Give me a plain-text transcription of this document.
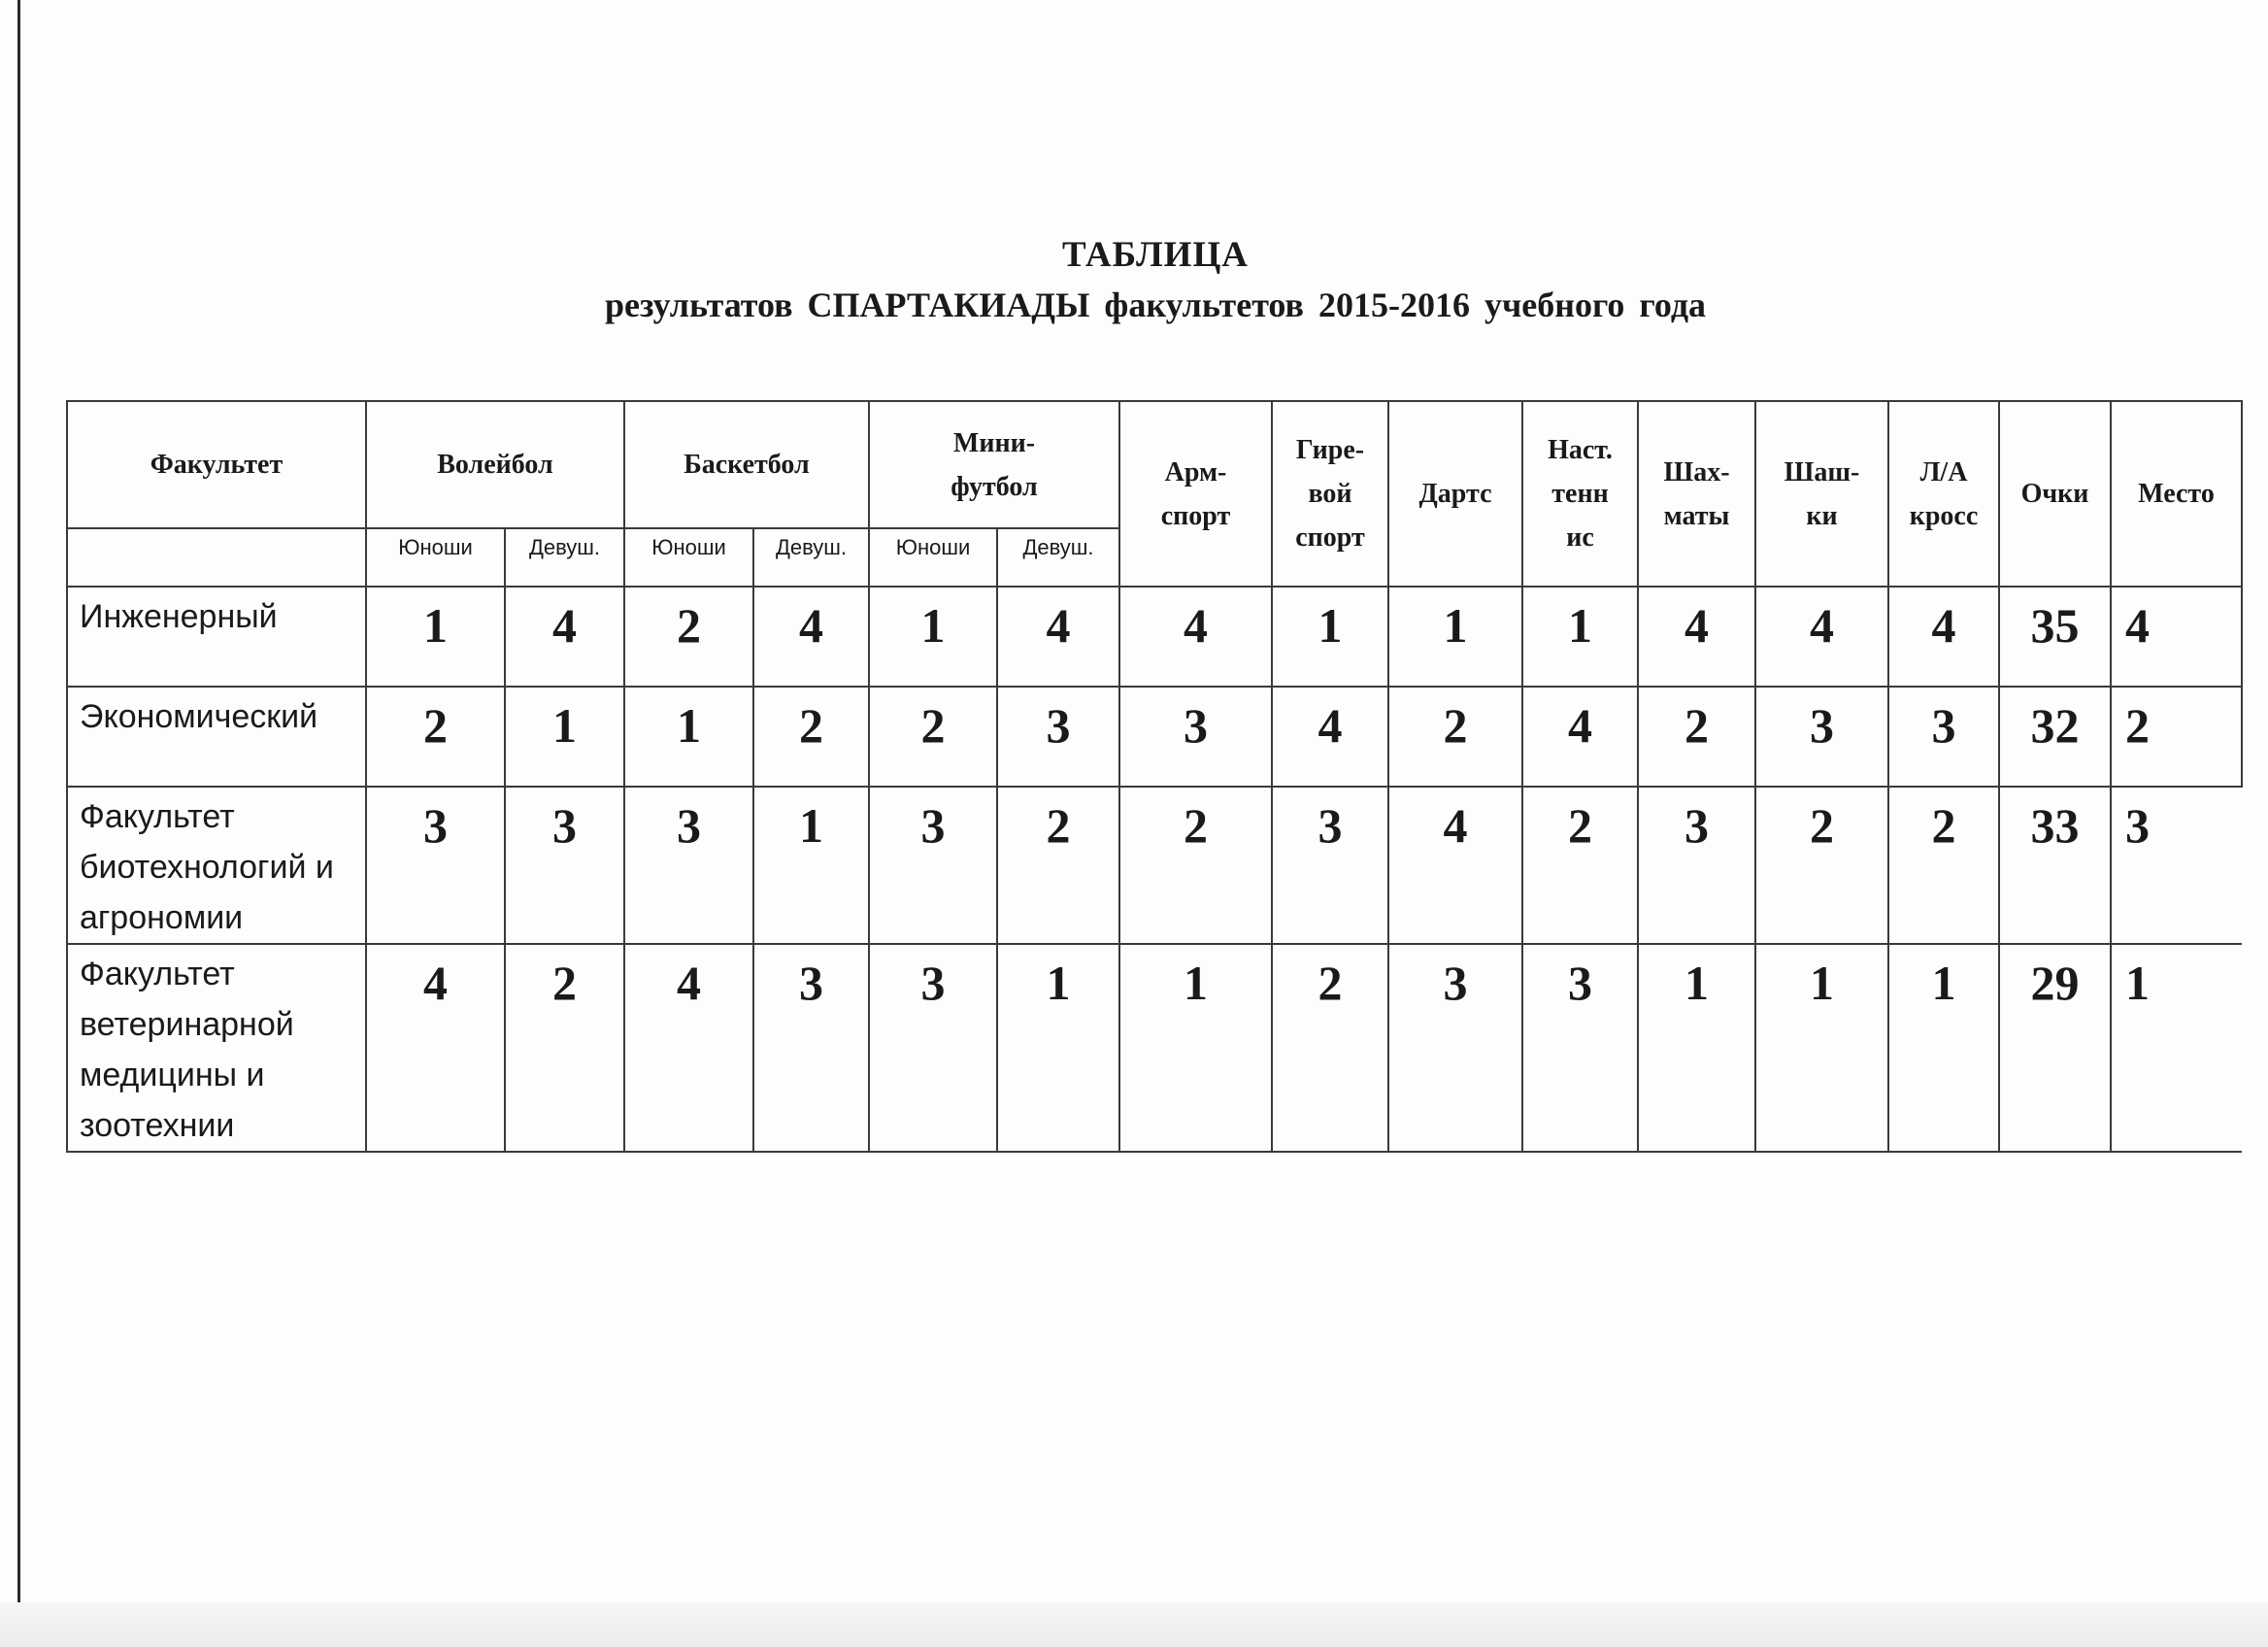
ТАБЛИЦА
результатов СПАРТАКИАДЫ факультетов 2015-2016 учебного года
Факультет	Волейбол		Баскетбол		Мини-футбол		Арм-спорт	Гире-вой спорт	Дартс	Наст. тенн ис	Шах-маты	Шаш-ки	Л/А кросс	Очки	Место
	Юноши	Девуш.	Юноши	Девуш.	Юноши	Девуш.									
Инженерный	1	4	2	4	1	4	4	1	1	1	4	4	4	35	4
Экономический	2	1	1	2	2	3	3	4	2	4	2	3	3	32	2
Факультет биотехнологий и агрономии	3	3	3	1	3	2	2	3	4	2	3	2	2	33	3
Факультет ветеринарной медицины и зоотехнии	4	2	4	3	3	1	1	2	3	3	1	1	1	29	1
